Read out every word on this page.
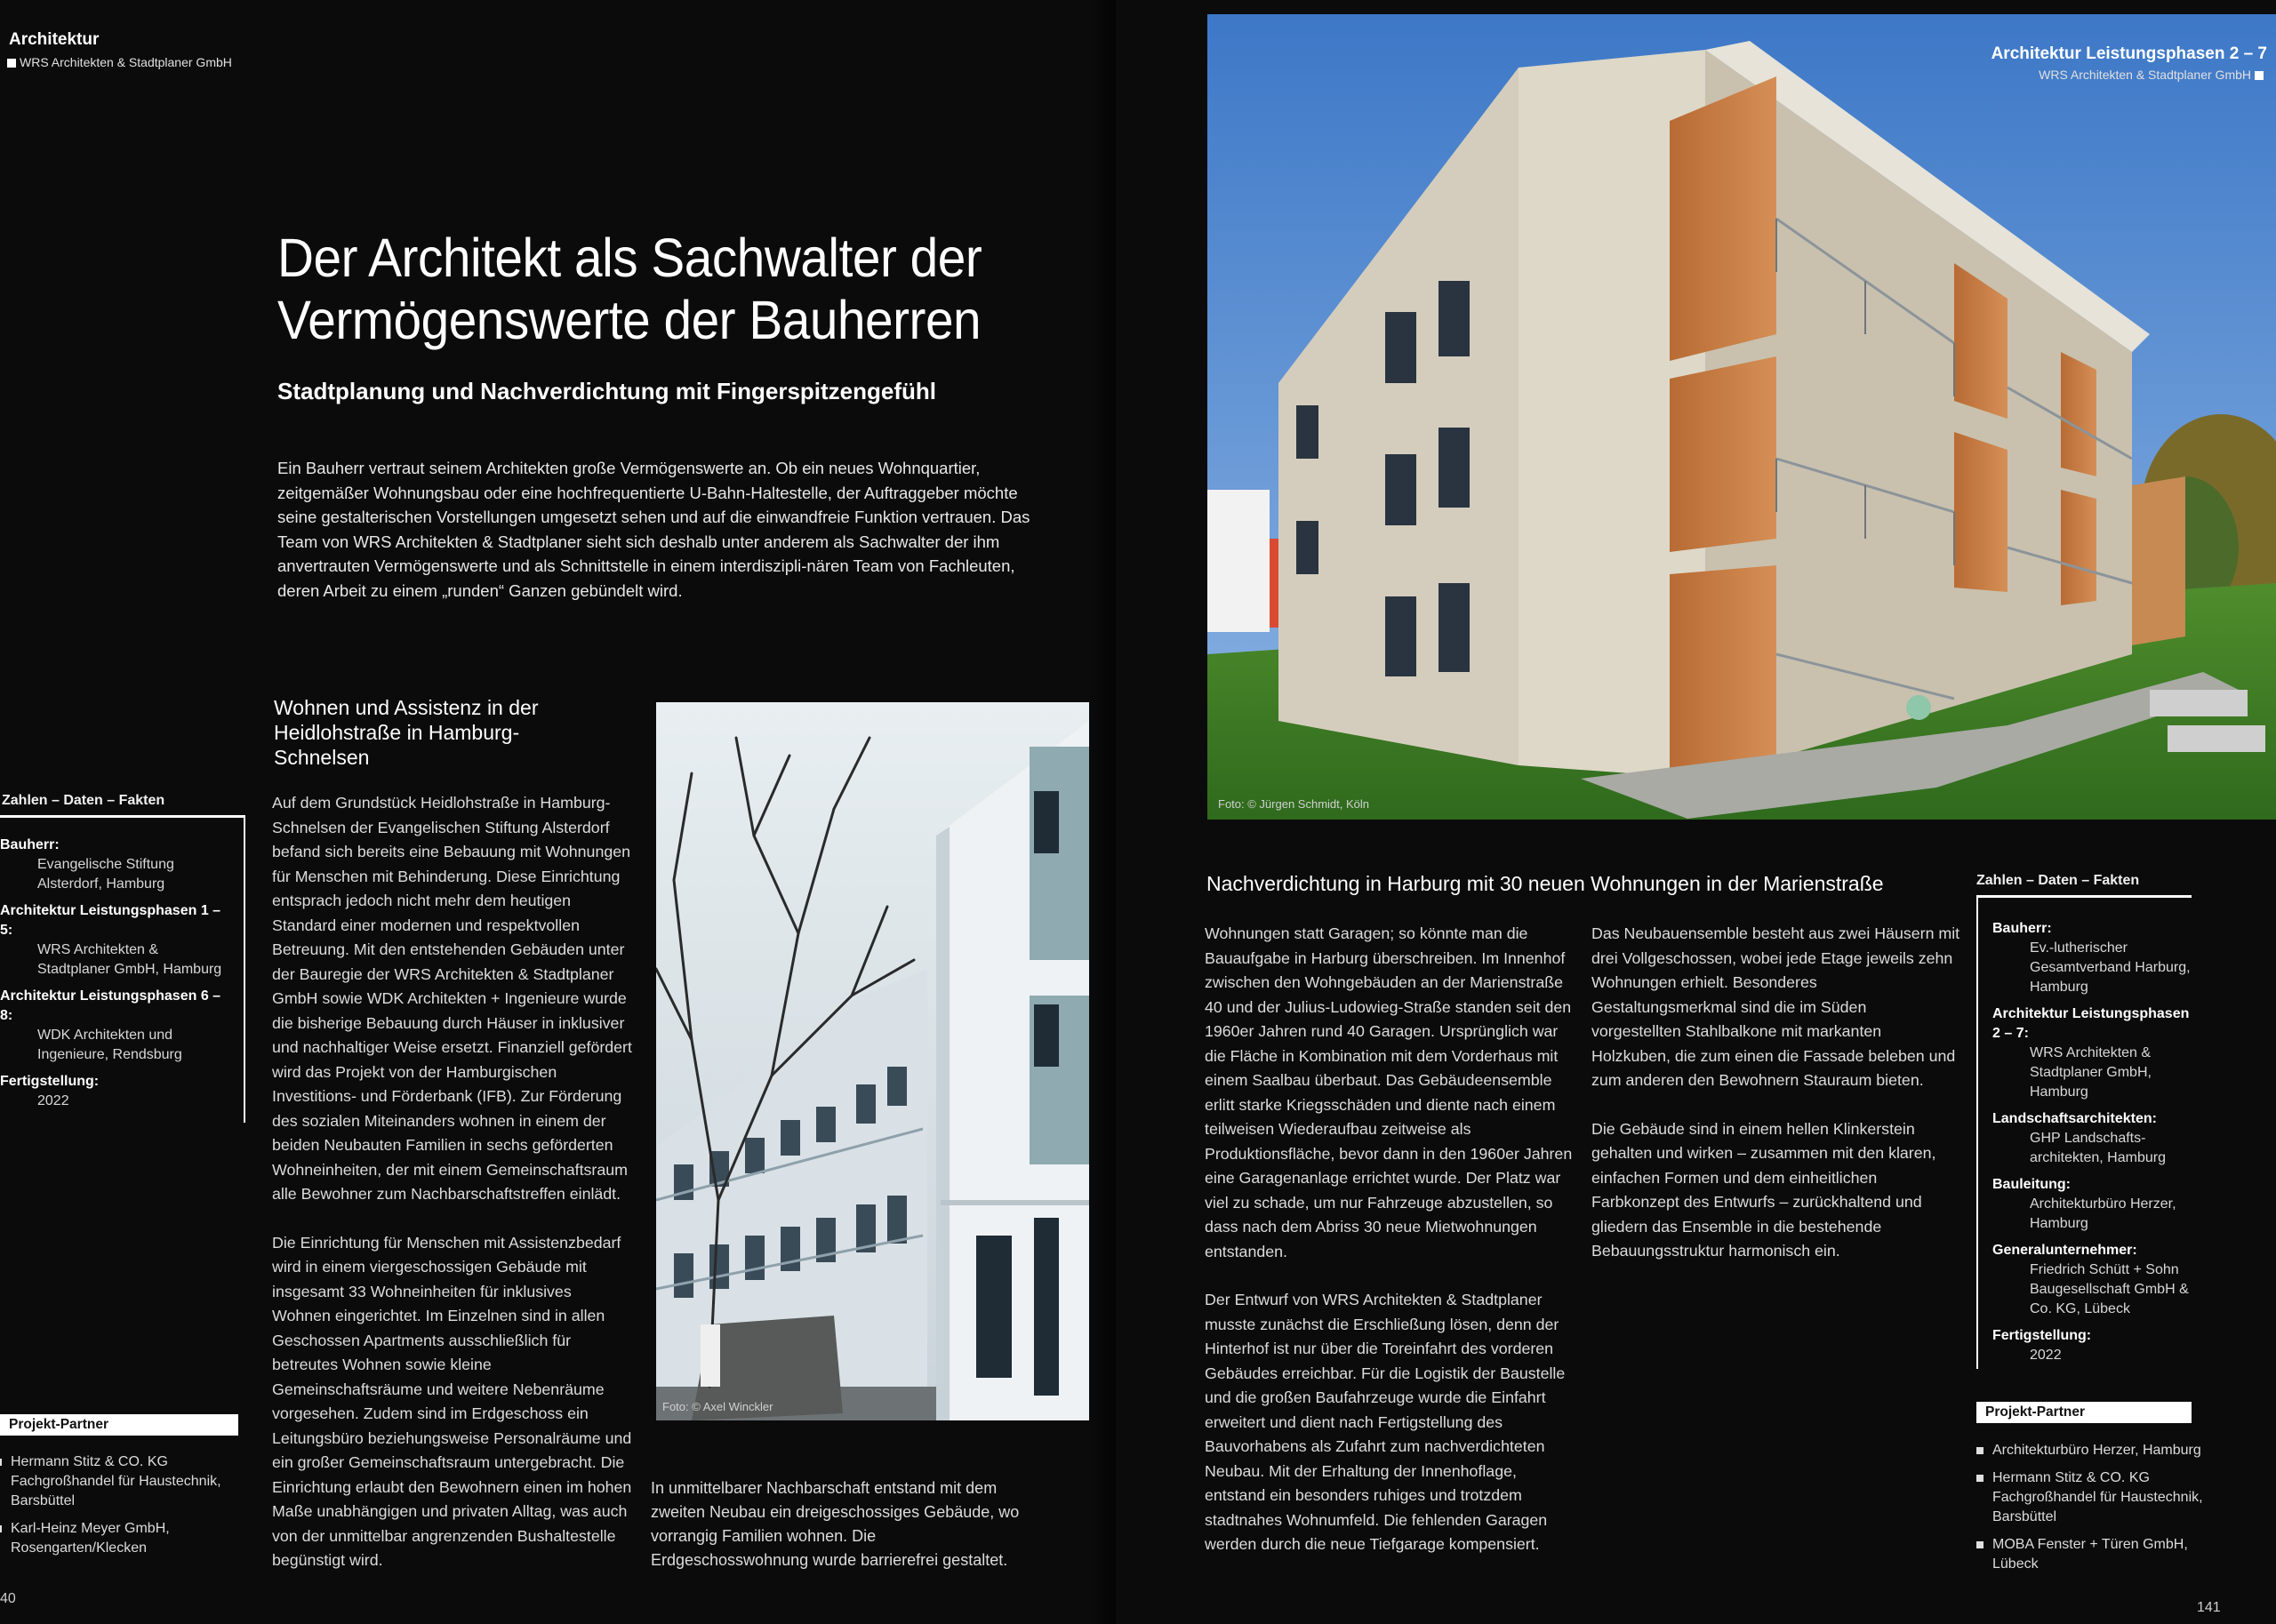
Architektur
WRS Architekten & Stadtplaner GmbH
Der Architekt als Sachwalter der
Vermögenswerte der Bauherren
Stadtplanung und Nachverdichtung mit Fingerspitzengefühl
Ein Bauherr vertraut seinem Architekten große Vermögenswerte an. Ob ein neues Wohnquartier, zeitgemäßer Wohnungsbau oder eine hochfrequentierte U-Bahn-Haltestelle, der Auftraggeber möchte seine gestalterischen Vorstellungen umgesetzt sehen und auf die einwandfreie Funktion vertrauen. Das Team von WRS Architekten & Stadtplaner sieht sich deshalb unter anderem als Sachwalter der ihm anvertrauten Vermögenswerte und als Schnittstelle in einem interdiszipli-nären Team von Fachleuten, deren Arbeit zu einem „runden“ Ganzen gebündelt wird.
Wohnen und Assistenz in der Heidlohstraße in Hamburg-Schnelsen

Auf dem Grundstück Heidlohstraße in Hamburg-Schnelsen der Evangelischen Stiftung Alsterdorf befand sich bereits eine Bebauung mit Wohnungen für Menschen mit Behinderung. Diese Einrichtung entsprach jedoch nicht mehr dem heutigen Standard einer modernen und respektvollen Betreuung. Mit den entstehenden Gebäuden unter der Bauregie der WRS Architekten & Stadtplaner GmbH sowie WDK Architekten + Ingenieure wurde die bisherige Bebauung durch Häuser in inklusiver und nachhaltiger Weise ersetzt. Finanziell gefördert wird das Projekt von der Hamburgischen Investitions- und Förderbank (IFB). Zur Förderung des sozialen Miteinanders wohnen in einem der beiden Neubauten Familien in sechs geförderten Wohneinheiten, der mit einem Gemeinschaftsraum alle Bewohner zum Nachbarschaftstreffen einlädt.

Die Einrichtung für Menschen mit Assistenzbedarf wird in einem viergeschossigen Gebäude mit insgesamt 33 Wohneinheiten für inklusives Wohnen eingerichtet. Im Einzelnen sind in allen Geschossen Apartments ausschließlich für betreutes Wohnen sowie kleine Gemeinschaftsräume und weitere Nebenräume vorgesehen. Zudem sind im Erdgeschoss ein Leitungsbüro beziehungsweise Personalräume und ein großer Gemeinschaftsraum untergebracht. Die Einrichtung erlaubt den Bewohnern einen im hohen Maße unabhängigen und privaten Alltag, was auch von der unmittelbar angrenzenden Bushaltestelle begünstigt wird.

Zahlen – Daten – Fakten
Bauherr:
Evangelische Stiftung Alsterdorf, Hamburg
Architektur Leistungsphasen 1 – 5:
WRS Architekten & Stadtplaner GmbH, Hamburg
Architektur Leistungsphasen 6 – 8:
WDK Architekten und Ingenieure, Rendsburg
Fertigstellung:
2022
Projekt-Partner
Hermann Stitz & CO. KG Fachgroßhandel für Haustechnik, Barsbüttel
Karl-Heinz Meyer GmbH, Rosengarten/Klecken
Foto: © Axel Winckler
In unmittelbarer Nachbarschaft entstand mit dem zweiten Neubau ein dreigeschossiges Gebäude, wo vorrangig Familien wohnen. Die Erdgeschosswohnung wurde barrierefrei gestaltet.
40
Foto: © Jürgen Schmidt, Köln
Architektur Leistungsphasen 2 – 7
WRS Architekten & Stadtplaner GmbH
Nachverdichtung in Harburg mit 30 neuen Wohnungen in der Marienstraße

Wohnungen statt Garagen; so könnte man die Bauaufgabe in Harburg überschreiben. Im Innenhof zwischen den Wohngebäuden an der Marienstraße 40 und der Julius-Ludowieg-Straße standen seit den 1960er Jahren rund 40 Garagen. Ursprünglich war die Fläche in Kombination mit dem Vorderhaus mit einem Saalbau überbaut. Das Gebäudeensemble erlitt starke Kriegsschäden und diente nach einem teilweisen Wiederaufbau zeitweise als Produktionsfläche, bevor dann in den 1960er Jahren eine Garagenanlage errichtet wurde. Der Platz war viel zu schade, um nur Fahrzeuge abzustellen, so dass nach dem Abriss 30 neue Mietwohnungen entstanden.

Der Entwurf von WRS Architekten & Stadtplaner musste zunächst die Erschließung lösen, denn der Hinterhof ist nur über die Toreinfahrt des vorderen Gebäudes erreichbar. Für die Logistik der Baustelle und die großen Baufahrzeuge wurde die Einfahrt erweitert und dient nach Fertigstellung des Bauvorhabens als Zufahrt zum nachverdichteten Neubau. Mit der Erhaltung der Innenhoflage, entstand ein besonders ruhiges und trotzdem stadtnahes Wohnumfeld. Die fehlenden Garagen werden durch die neue Tiefgarage kompensiert.

Das Neubauensemble besteht aus zwei Häusern mit drei Vollgeschossen, wobei jede Etage jeweils zehn Wohnungen erhielt. Besonderes Gestaltungsmerkmal sind die im Süden vorgestellten Stahlbalkone mit markanten Holzkuben, die zum einen die Fassade beleben und zum anderen den Bewohnern Stauraum bieten.

Die Gebäude sind in einem hellen Klinkerstein gehalten und wirken – zusammen mit den klaren, einfachen Formen und dem einheitlichen Farbkonzept des Entwurfs – zurückhaltend und gliedern das Ensemble in die bestehende Bebauungsstruktur harmonisch ein.

Zahlen – Daten – Fakten
Bauherr:
Ev.-lutherischer Gesamtverband Harburg, Hamburg
Architektur Leistungsphasen 2 – 7:
WRS Architekten & Stadtplaner GmbH, Hamburg
Landschaftsarchitekten:
GHP Landschafts-architekten, Hamburg
Bauleitung:
Architekturbüro Herzer, Hamburg
Generalunternehmer:
Friedrich Schütt + Sohn Baugesellschaft GmbH & Co. KG, Lübeck
Fertigstellung:
2022
Projekt-Partner
Architekturbüro Herzer, Hamburg
Hermann Stitz & CO. KG Fachgroßhandel für Haustechnik, Barsbüttel
MOBA Fenster + Türen GmbH, Lübeck
141
